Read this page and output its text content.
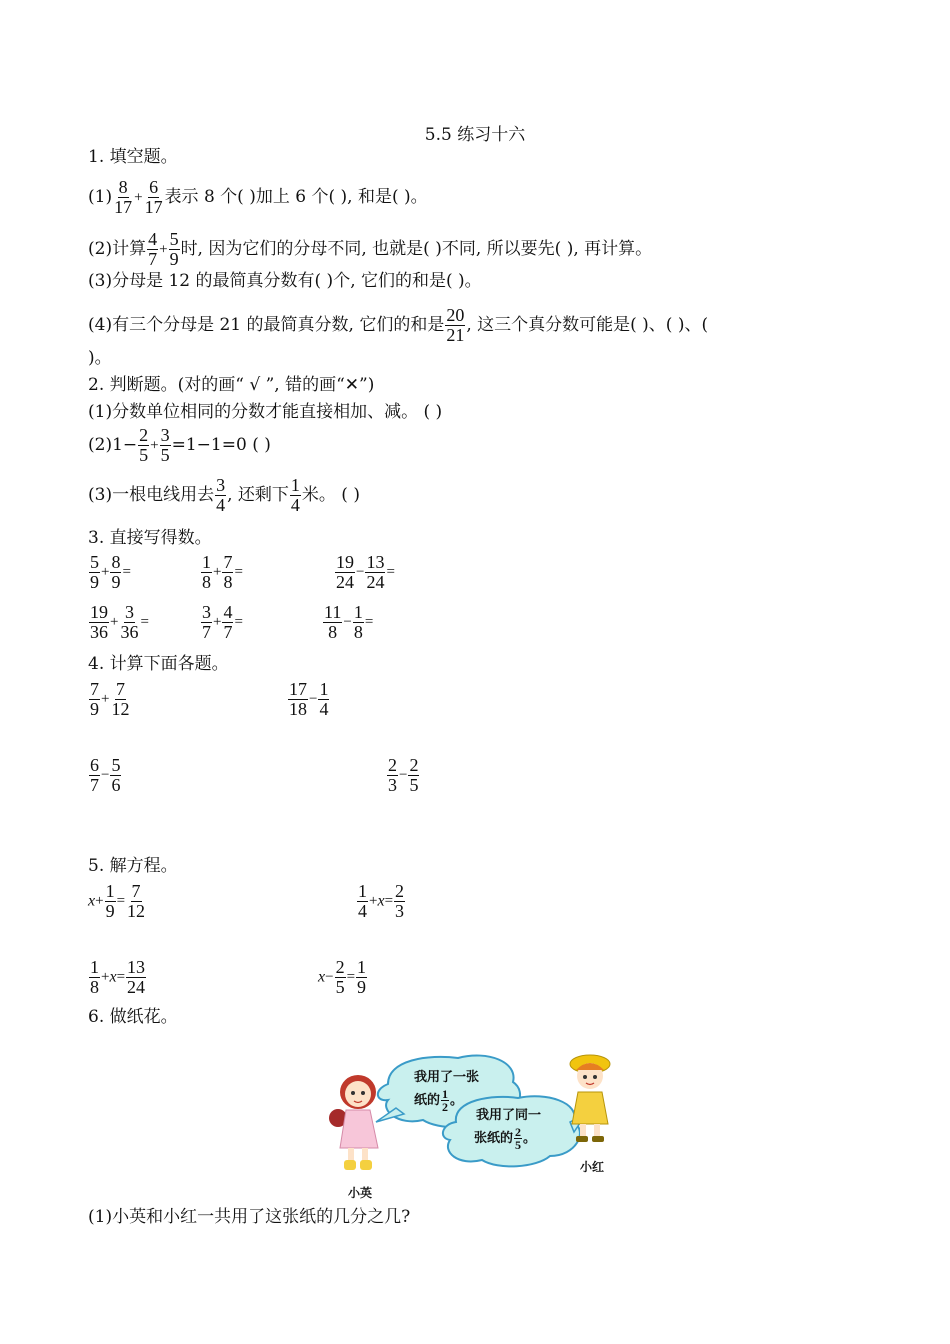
5.5 练习十六
1. 填空题。
$(1) \frac{8}{17} + \frac{6}{17}$ 表示 8 个( )加上 6 个( ), 和是( )。
(2)计算 $\frac{4}{7} + \frac{5}{9}$ 时, 因为它们的分母不同, 也就是( )不同, 所以要先( ), 再计算。
(3)分母是 12 的最简真分数有( )个, 它们的和是( )。
(4)有三个分母是 21 的最简真分数, 它们的和是 $\frac{20}{21}$ , 这三个真分数可能是( )、( )、(
)。
2. 判断题。(对的画“ √ ”, 错的画“✕”)
(1)分数单位相同的分数才能直接相加、减。 ( )
$(2)1- \frac{2}{5} + \frac{3}{5} =1-1=0$ ( )
(3)一根电线用去 $\frac{3}{4}$ , 还剩下 $\frac{1}{4}$ 米。 ( )
3. 直接写得数。
$\frac{5}{9} + \frac{8}{9}$ =	$\frac{1}{8} + \frac{7}{8}$ =	$\frac{19}{24} - \frac{13}{24}$ =
$\frac{19}{36} + \frac{3}{36}$ =	$\frac{3}{7} + \frac{4}{7}$ =	$\frac{11}{8} - \frac{1}{8}$ =
4. 计算下面各题。
$\frac{7}{9} + \frac{7}{12}$	$\frac{17}{18} - \frac{1}{4}$
$\frac{6}{7} - \frac{5}{6}$	$\frac{2}{3} - \frac{2}{5}$
5. 解方程。
$x+ \frac{1}{9} = \frac{7}{12}$	$\frac{1}{4} +x= \frac{2}{3}$
$\frac{1}{8} +x= \frac{13}{24}$	$x- \frac{2}{5} = \frac{1}{9}$
6. 做纸花。
我用了一张
纸的 $\frac{1}{2}$ 。
我用了同一
张纸的 $\frac{2}{5}$ 。
小英
小红
(1)小英和小红一共用了这张纸的几分之几?
